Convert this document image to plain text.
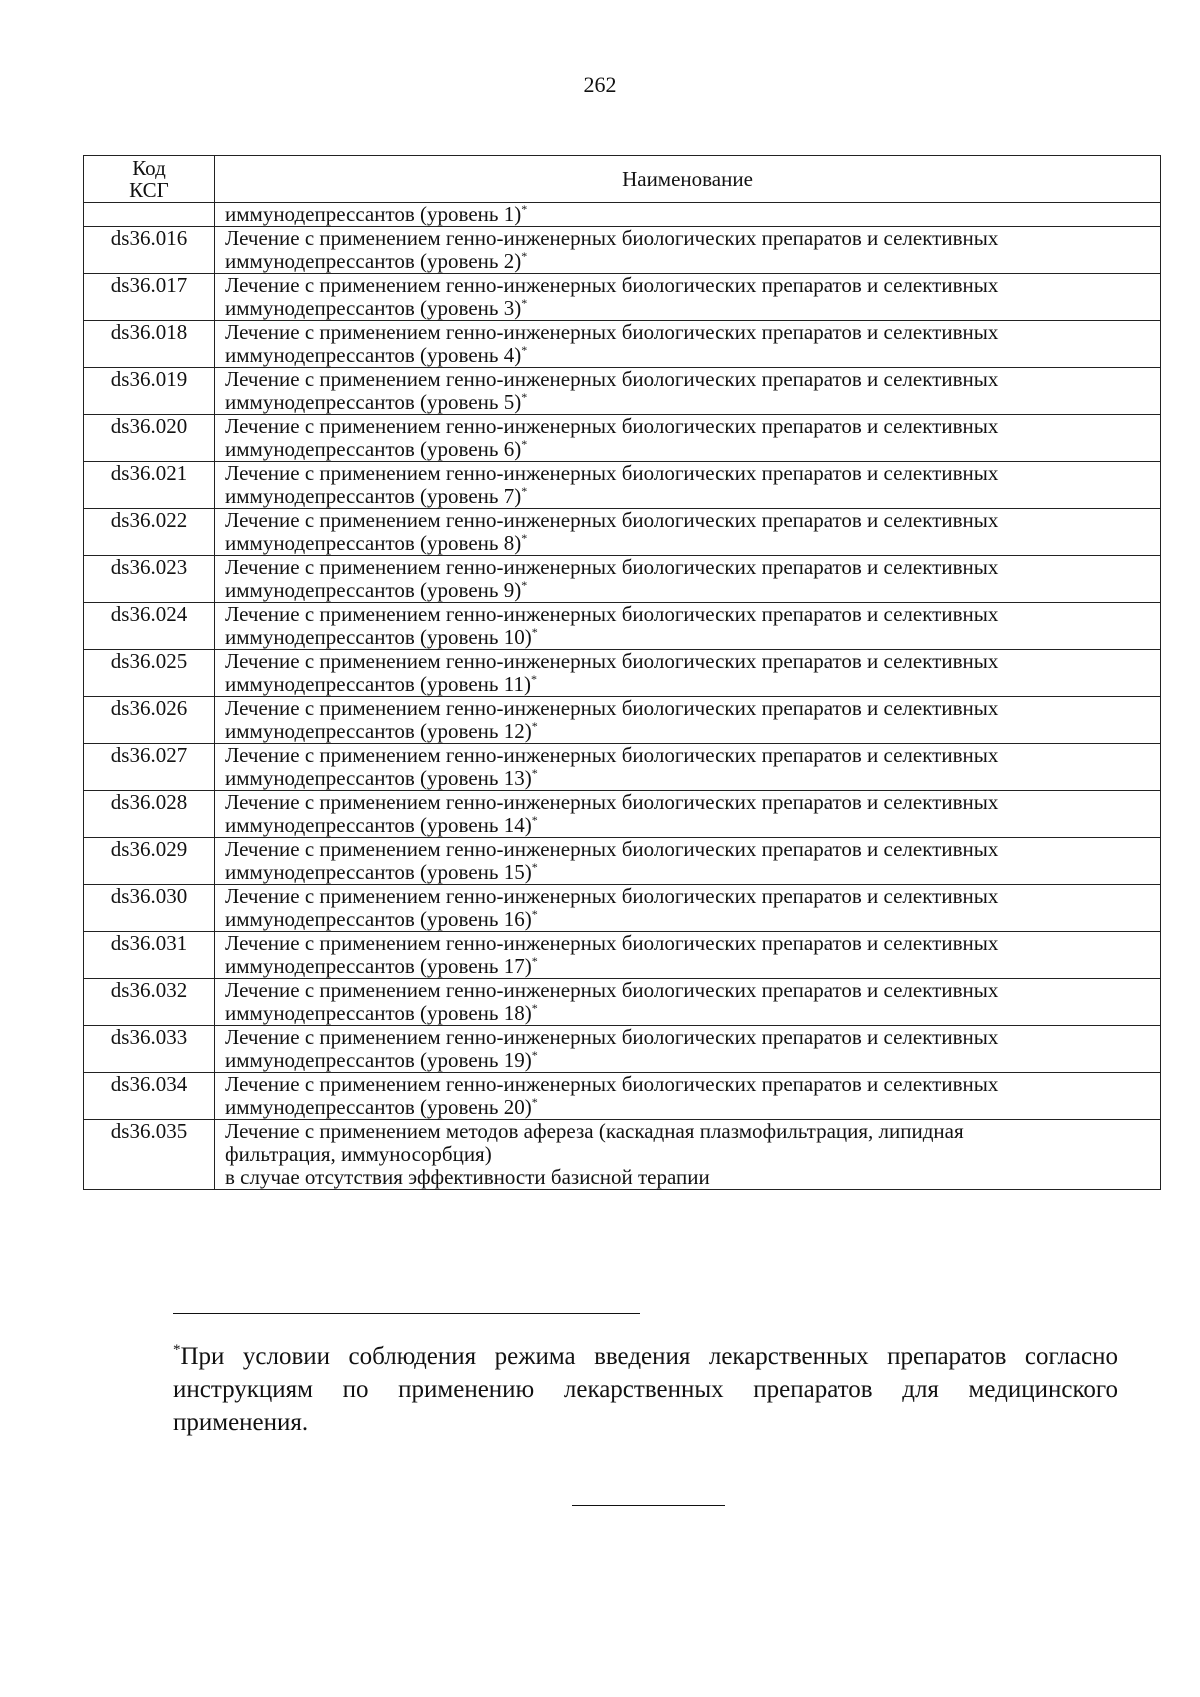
262
Код
КСГ	Наименование
	иммунодепрессантов (уровень 1)*
ds36.016	Лечение с применением генно-инженерных биологических препаратов и селективных
иммунодепрессантов (уровень 2)*

ds36.017	Лечение с применением генно-инженерных биологических препаратов и селективных
иммунодепрессантов (уровень 3)*

ds36.018	Лечение с применением генно-инженерных биологических препаратов и селективных
иммунодепрессантов (уровень 4)*

ds36.019	Лечение с применением генно-инженерных биологических препаратов и селективных
иммунодепрессантов (уровень 5)*

ds36.020	Лечение с применением генно-инженерных биологических препаратов и селективных
иммунодепрессантов (уровень 6)*

ds36.021	Лечение с применением генно-инженерных биологических препаратов и селективных
иммунодепрессантов (уровень 7)*

ds36.022	Лечение с применением генно-инженерных биологических препаратов и селективных
иммунодепрессантов (уровень 8)*

ds36.023	Лечение с применением генно-инженерных биологических препаратов и селективных
иммунодепрессантов (уровень 9)*

ds36.024	Лечение с применением генно-инженерных биологических препаратов и селективных
иммунодепрессантов (уровень 10)*

ds36.025	Лечение с применением генно-инженерных биологических препаратов и селективных
иммунодепрессантов (уровень 11)*

ds36.026	Лечение с применением генно-инженерных биологических препаратов и селективных
иммунодепрессантов (уровень 12)*

ds36.027	Лечение с применением генно-инженерных биологических препаратов и селективных
иммунодепрессантов (уровень 13)*

ds36.028	Лечение с применением генно-инженерных биологических препаратов и селективных
иммунодепрессантов (уровень 14)*

ds36.029	Лечение с применением генно-инженерных биологических препаратов и селективных
иммунодепрессантов (уровень 15)*

ds36.030	Лечение с применением генно-инженерных биологических препаратов и селективных
иммунодепрессантов (уровень 16)*

ds36.031	Лечение с применением генно-инженерных биологических препаратов и селективных
иммунодепрессантов (уровень 17)*

ds36.032	Лечение с применением генно-инженерных биологических препаратов и селективных
иммунодепрессантов (уровень 18)*

ds36.033	Лечение с применением генно-инженерных биологических препаратов и селективных
иммунодепрессантов (уровень 19)*

ds36.034	Лечение с применением генно-инженерных биологических препаратов и селективных
иммунодепрессантов (уровень 20)*

ds36.035	Лечение с применением методов афереза (каскадная плазмофильтрация, липидная
фильтрация, иммуносорбция)
в случае отсутствия эффективности базисной терапии
*При условии соблюдения режима введения лекарственных препаратов согласно инструкциям по применению лекарственных препаратов для медицинского применения.
